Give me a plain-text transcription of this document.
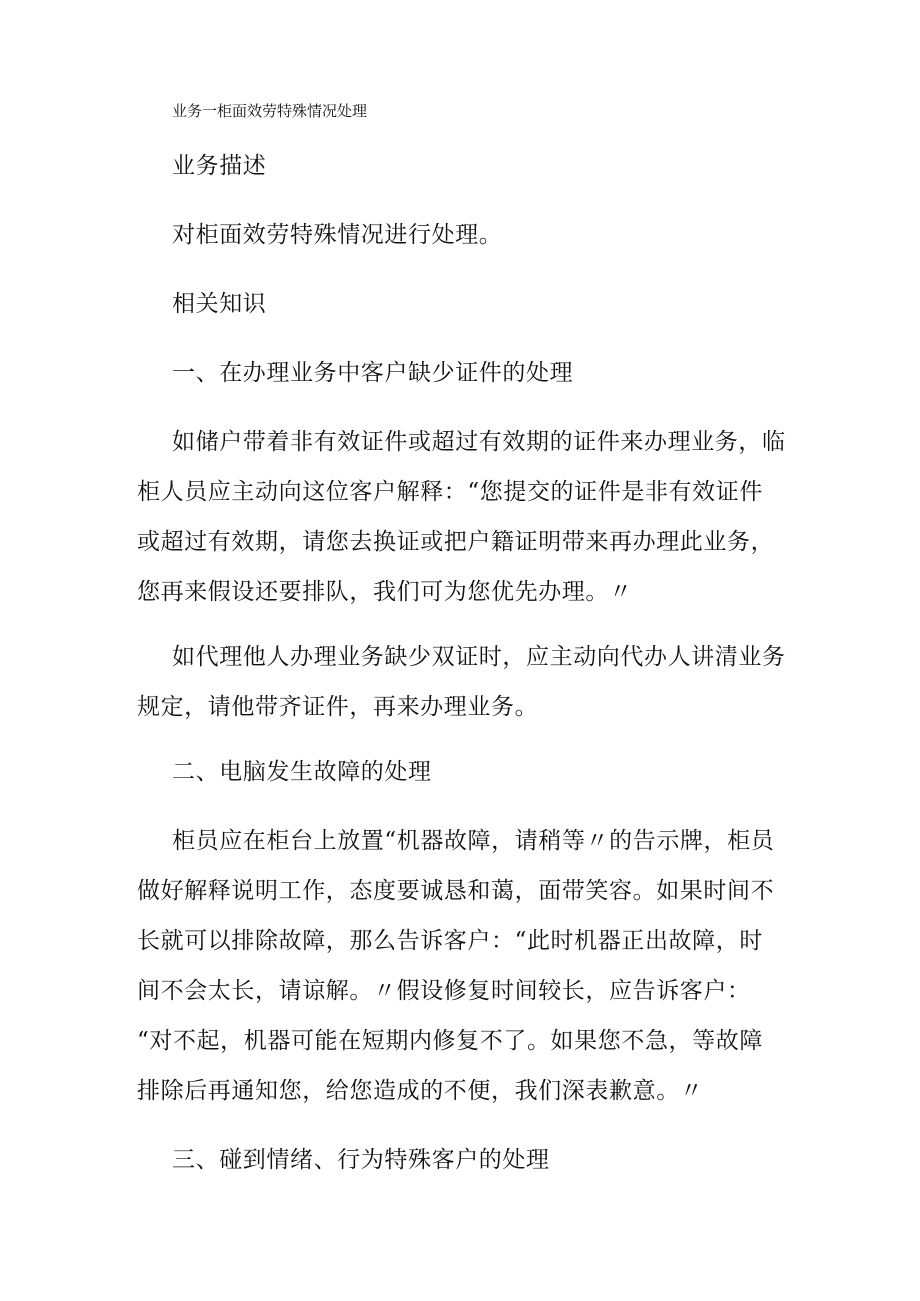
业务一柜面效劳特殊情况处理

业务描述

对柜面效劳特殊情况进行处理。

相关知识

一、在办理业务中客户缺少证件的处理

如储户带着非有效证件或超过有效期的证件来办理业务，临
柜人员应主动向这位客户解释：“您提交的证件是非有效证件
或超过有效期，请您去换证或把户籍证明带来再办理此业务，
您再来假设还要排队，我们可为您优先办理。〃
如代理他人办理业务缺少双证时，应主动向代办人讲清业务
规定，请他带齐证件，再来办理业务。

二、电脑发生故障的处理

柜员应在柜台上放置“机器故障，请稍等〃的告示牌，柜员
做好解释说明工作，态度要诚恳和蔼，面带笑容。如果时间不
长就可以排除故障，那么告诉客户：“此时机器正出故障，时
间不会太长，请谅解。〃假设修复时间较长，应告诉客户：
“对不起，机器可能在短期内修复不了。如果您不急，等故障
排除后再通知您，给您造成的不便，我们深表歉意。〃

三、碰到情绪、行为特殊客户的处理
